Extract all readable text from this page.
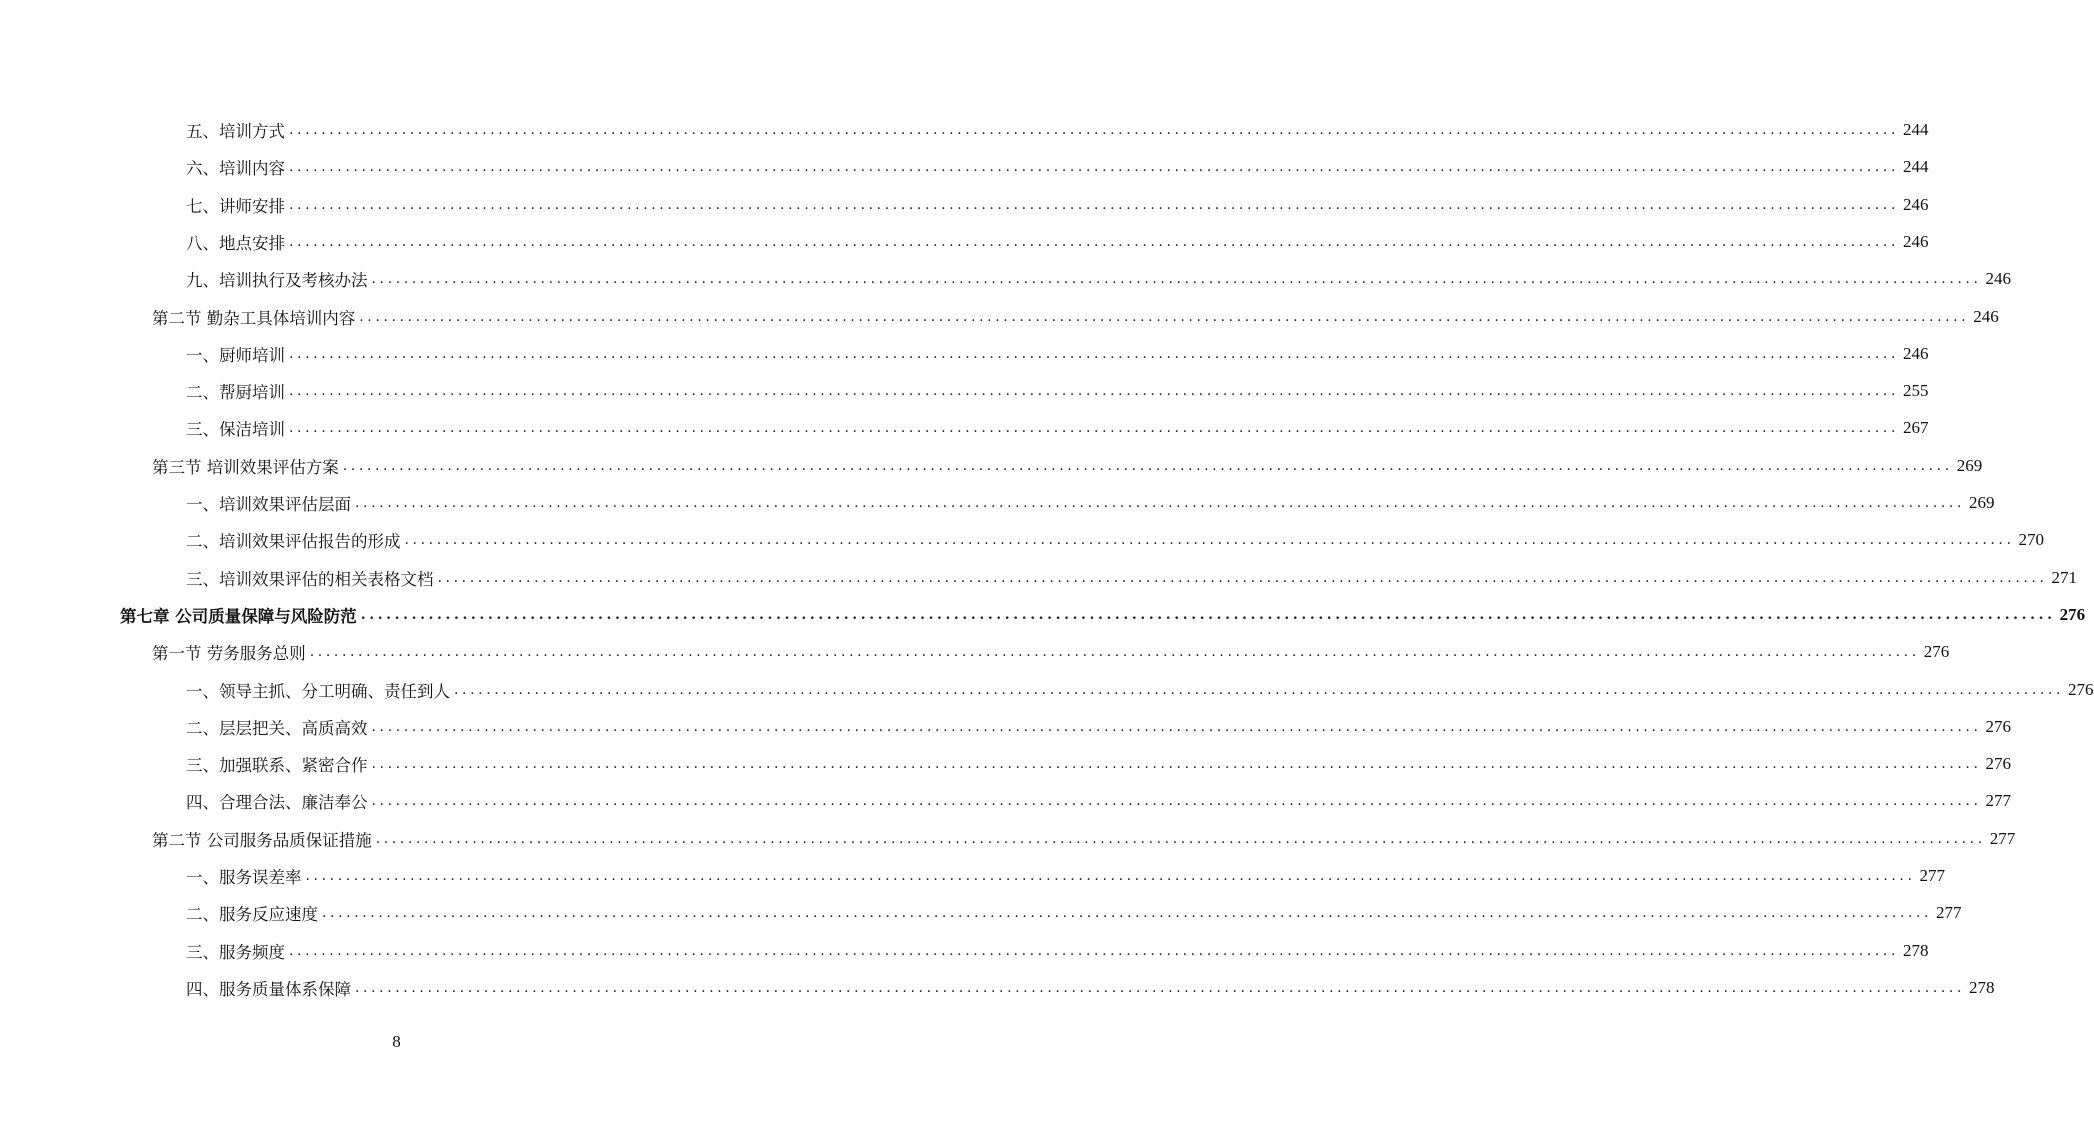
五、培训方式 ........................................................................................................................................................................................................ 244
六、培训内容 ........................................................................................................................................................................................................ 244
七、讲师安排 ........................................................................................................................................................................................................ 246
八、地点安排 ........................................................................................................................................................................................................ 246
九、培训执行及考核办法 ........................................................................................................................................................................................................ 246
第二节 勤杂工具体培训内容 ........................................................................................................................................................................................................ 246
一、厨师培训 ........................................................................................................................................................................................................ 246
二、帮厨培训 ........................................................................................................................................................................................................ 255
三、保洁培训 ........................................................................................................................................................................................................ 267
第三节 培训效果评估方案 ........................................................................................................................................................................................................ 269
一、培训效果评估层面 ........................................................................................................................................................................................................ 269
二、培训效果评估报告的形成 ........................................................................................................................................................................................................ 270
三、培训效果评估的相关表格文档 ........................................................................................................................................................................................................ 271
第七章 公司质量保障与风险防范 ........................................................................................................................................................................................................ 276
第一节 劳务服务总则 ........................................................................................................................................................................................................ 276
一、领导主抓、分工明确、责任到人 ........................................................................................................................................................................................................ 276
二、层层把关、高质高效 ........................................................................................................................................................................................................ 276
三、加强联系、紧密合作 ........................................................................................................................................................................................................ 276
四、合理合法、廉洁奉公 ........................................................................................................................................................................................................ 277
第二节 公司服务品质保证措施 ........................................................................................................................................................................................................ 277
一、服务误差率 ........................................................................................................................................................................................................ 277
二、服务反应速度 ........................................................................................................................................................................................................ 277
三、服务频度 ........................................................................................................................................................................................................ 278
四、服务质量体系保障 ........................................................................................................................................................................................................ 278
8
